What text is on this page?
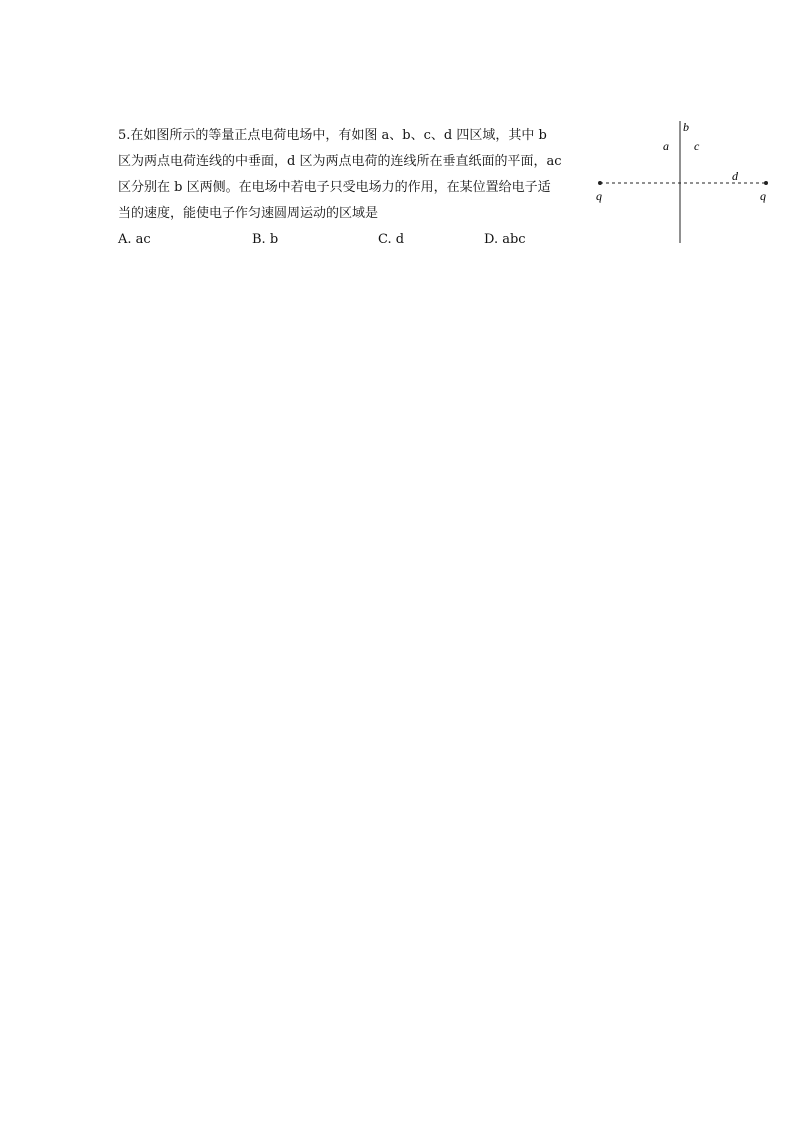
5.在如图所示的等量正点电荷电场中，有如图 a、b、c、d 四区域，其中 b
区为两点电荷连线的中垂面，d 区为两点电荷的连线所在垂直纸面的平面，ac
区分别在 b 区两侧。在电场中若电子只受电场力的作用，在某位置给电子适
当的速度，能使电子作匀速圆周运动的区域是
A. ac	B. b	C. d	D. abc
b
a c
d
q	q
